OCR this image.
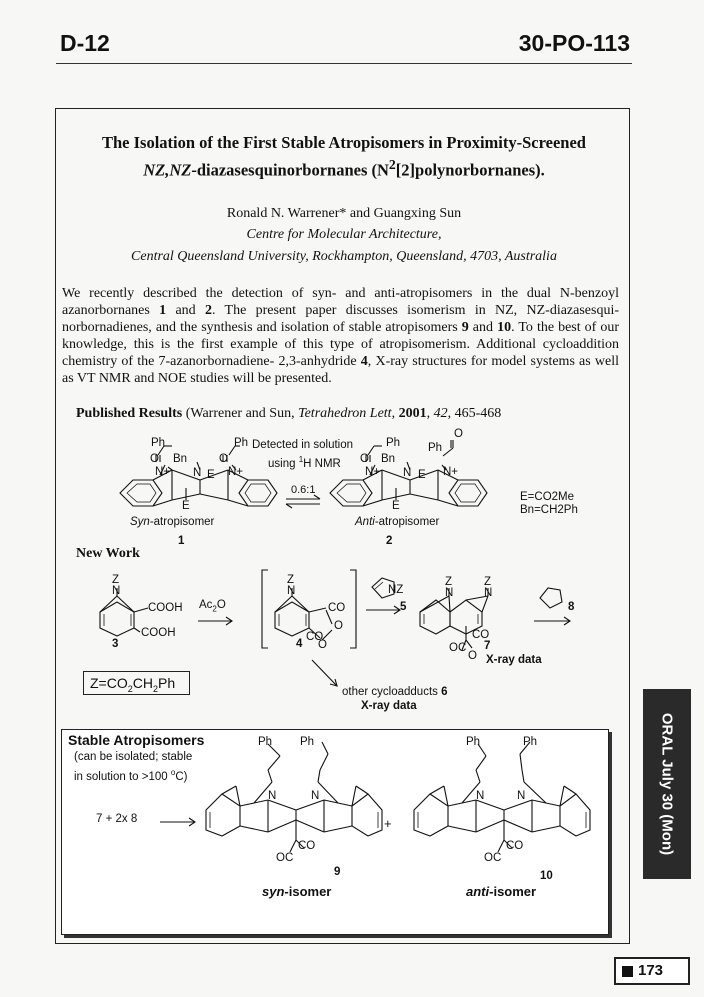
D-12	30-PO-113
The Isolation of the First Stable Atropisomers in Proximity-Screened
NZ,NZ-diazasesquinorbornanes $(N^2[2]polynorbornanes)$.
Ronald N. Warrener* and Guangxing Sun
Centre for Molecular Architecture,
Central Queensland University, Rockhampton, Queensland, 4703, Australia
We recently described the detection of syn- and anti-atropisomers in the dual N-benzoyl azanorbornanes 1 and 2. The present paper discusses isomerism in NZ, NZ-diazasesqui-norbornadienes, and the synthesis and isolation of stable atropisomers 9 and 10. To the best of our knowledge, this is the first example of this type of atropisomerism. Additional cycloaddition chemistry of the 7-azanorbornadiene- 2,3-anhydride 4, X-ray structures for model systems as well as VT NMR and NOE studies will be presented.
Published Results (Warrener and Sun, Tetrahedron Lett, 2001, 42, 465-468
Ph	Ph	Ph Ph
O
Bn	Bn
O	O	O
N+ N E N+	N+ N E N+
E	E
Detected in solution
using $^1$H NMR
0.6:1
Syn-atropisomer	Anti-atropisomer
1	2
E=CO2Me
Bn=CH2Ph
New Work
Z
N
COOH
COOH
3
$Ac_2O$
Z
N
CO
O
CO
4 O
NZ
5
Z
N
Z
N
CO
OC
O
7
X-ray data
8
other cycloadducts 6
X-ray data
$Z=CO_2CH_2Ph$
Stable Atropisomers
(can be isolated; stable
in solution to >100 $^o$C)
7 + 2x 8	+
Ph Ph	Ph	Ph
N	N	N	N
CO
OC
CO
OC
9	10
syn-isomer	anti-isomer
ORAL July 30 (Mon)
173
